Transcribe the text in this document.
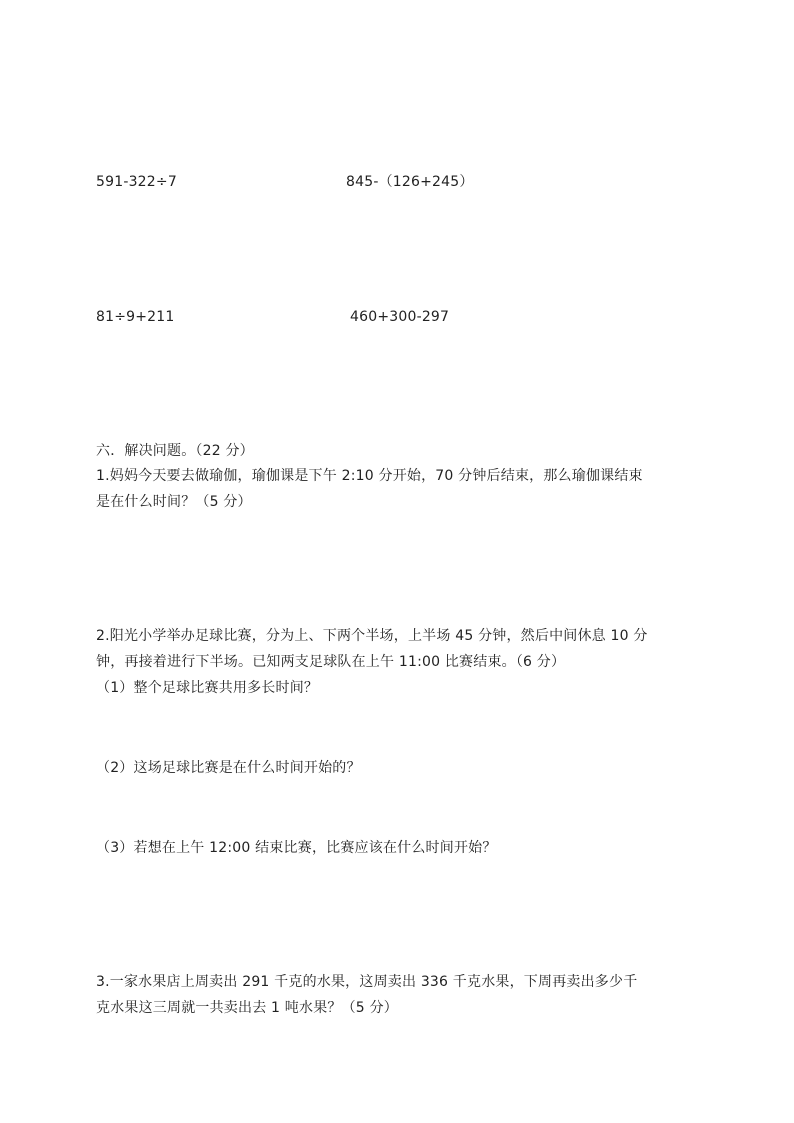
591-322÷7	845-（126+245）
81÷9+211	460+300-297
六．解决问题。（22 分）
1.妈妈今天要去做瑜伽，瑜伽课是下午 2:10 分开始，70 分钟后结束，那么瑜伽课结束
是在什么时间？（5 分）
2.阳光小学举办足球比赛，分为上、下两个半场，上半场 45 分钟，然后中间休息 10 分
钟，再接着进行下半场。已知两支足球队在上午 11:00 比赛结束。（6 分）
（1）整个足球比赛共用多长时间？
（2）这场足球比赛是在什么时间开始的？
（3）若想在上午 12:00 结束比赛，比赛应该在什么时间开始？
3.一家水果店上周卖出 291 千克的水果，这周卖出 336 千克水果，下周再卖出多少千
克水果这三周就一共卖出去 1 吨水果？（5 分）
